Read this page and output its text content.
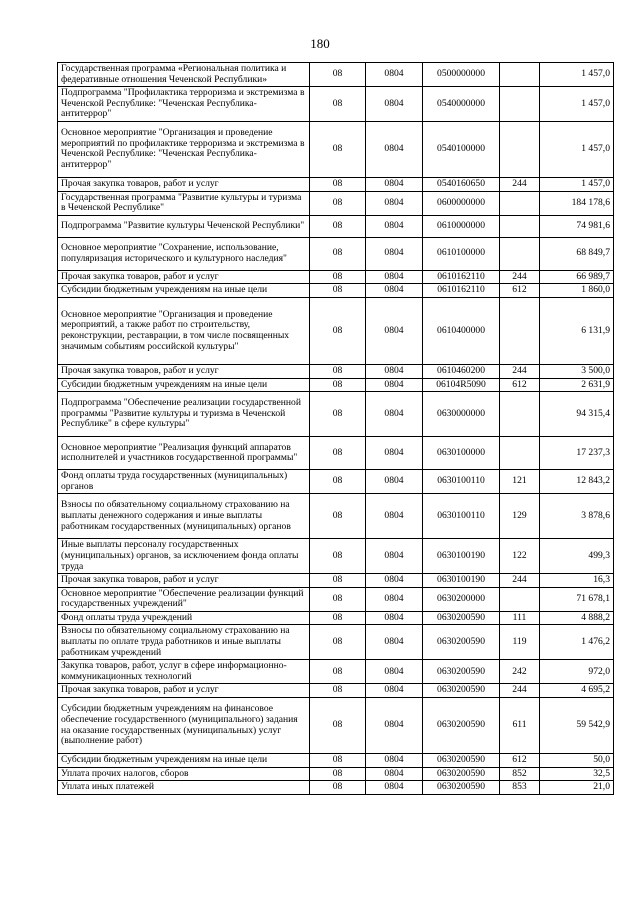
180
Государственная программа «Региональная политика и федеративные отношения Чеченской Республики»	08	0804	0500000000		1 457,0
Подпрограмма "Профилактика терроризма и экстремизма в Чеченской Республике: "Чеченская Республика-антитеррор"	08	0804	0540000000		1 457,0
Основное мероприятие "Организация и проведение мероприятий по профилактике терроризма и экстремизма в Чеченской Республике: "Чеченская Республика-антитеррор"	08	0804	0540100000		1 457,0
Прочая закупка товаров, работ и услуг	08	0804	0540160650	244	1 457,0
Государственная программа "Развитие культуры и туризма в Чеченской Республике"	08	0804	0600000000		184 178,6
Подпрограмма "Развитие культуры Чеченской Республики"	08	0804	0610000000		74 981,6
Основное мероприятие "Сохранение, использование, популяризация исторического и культурного наследия"	08	0804	0610100000		68 849,7
Прочая закупка товаров, работ и услуг	08	0804	0610162110	244	66 989,7
Субсидии бюджетным учреждениям на иные цели	08	0804	0610162110	612	1 860,0
Основное мероприятие "Организация и проведение мероприятий, а также работ по строительству, реконструкции, реставрации, в том числе посвященных значимым событиям российской культуры"	08	0804	0610400000		6 131,9
Прочая закупка товаров, работ и услуг	08	0804	0610460200	244	3 500,0
Субсидии бюджетным учреждениям на иные цели	08	0804	06104R5090	612	2 631,9
Подпрограмма "Обеспечение реализации государственной программы "Развитие культуры и туризма в Чеченской Республике" в сфере культуры"	08	0804	0630000000		94 315,4
Основное мероприятие "Реализация функций аппаратов исполнителей и участников государственной программы"	08	0804	0630100000		17 237,3
Фонд оплаты труда государственных (муниципальных) органов	08	0804	0630100110	121	12 843,2
Взносы по обязательному социальному страхованию на выплаты денежного содержания и иные выплаты работникам государственных (муниципальных) органов	08	0804	0630100110	129	3 878,6
Иные выплаты персоналу государственных (муниципальных) органов, за исключением фонда оплаты труда	08	0804	0630100190	122	499,3
Прочая закупка товаров, работ и услуг	08	0804	0630100190	244	16,3
Основное мероприятие "Обеспечение реализации функций государственных учреждений"	08	0804	0630200000		71 678,1
Фонд оплаты труда учреждений	08	0804	0630200590	111	4 888,2
Взносы по обязательному социальному страхованию на выплаты по оплате труда работников и иные выплаты работникам учреждений	08	0804	0630200590	119	1 476,2
Закупка товаров, работ, услуг в сфере информационно-коммуникационных технологий	08	0804	0630200590	242	972,0
Прочая закупка товаров, работ и услуг	08	0804	0630200590	244	4 695,2
Субсидии бюджетным учреждениям на финансовое обеспечение государственного (муниципального) задания на оказание государственных (муниципальных) услуг (выполнение работ)	08	0804	0630200590	611	59 542,9
Субсидии бюджетным учреждениям на иные цели	08	0804	0630200590	612	50,0
Уплата прочих налогов, сборов	08	0804	0630200590	852	32,5
Уплата иных платежей	08	0804	0630200590	853	21,0
